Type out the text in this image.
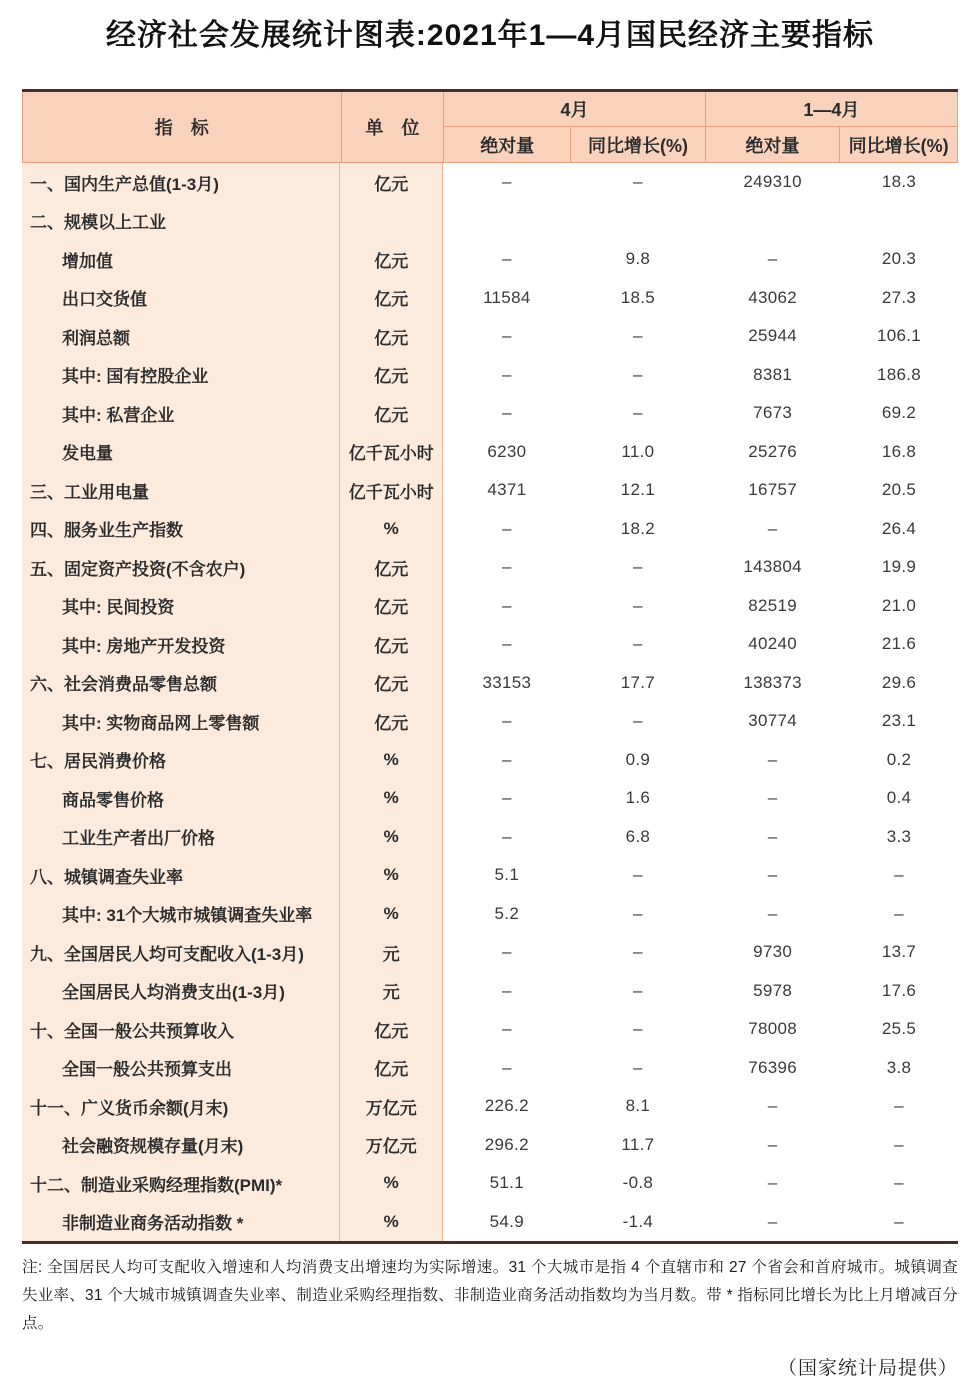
经济社会发展统计图表:2021年1—4月国民经济主要指标
指　标	单　位
4月	1—4月
绝对量	同比增长(%)	绝对量	同比增长(%)
一、国内生产总值(1-3月)	亿元	–	–	249310	18.3
二、规模以上工业
增加值	亿元	–	9.8	–	20.3
出口交货值	亿元	11584	18.5	43062	27.3
利润总额	亿元	–	–	25944	106.1
其中: 国有控股企业	亿元	–	–	8381	186.8
其中: 私营企业	亿元	–	–	7673	69.2
发电量	亿千瓦小时	6230	11.0	25276	16.8
三、工业用电量	亿千瓦小时	4371	12.1	16757	20.5
四、服务业生产指数	%	–	18.2	–	26.4
五、固定资产投资(不含农户)	亿元	–	–	143804	19.9
其中: 民间投资	亿元	–	–	82519	21.0
其中: 房地产开发投资	亿元	–	–	40240	21.6
六、社会消费品零售总额	亿元	33153	17.7	138373	29.6
其中: 实物商品网上零售额	亿元	–	–	30774	23.1
七、居民消费价格	%	–	0.9	–	0.2
商品零售价格	%	–	1.6	–	0.4
工业生产者出厂价格	%	–	6.8	–	3.3
八、城镇调查失业率	%	5.1	–	–	–
其中: 31个大城市城镇调查失业率	%	5.2	–	–	–
九、全国居民人均可支配收入(1-3月)	元	–	–	9730	13.7
全国居民人均消费支出(1-3月)	元	–	–	5978	17.6
十、全国一般公共预算收入	亿元	–	–	78008	25.5
全国一般公共预算支出	亿元	–	–	76396	3.8
十一、广义货币余额(月末)	万亿元	226.2	8.1	–	–
社会融资规模存量(月末)	万亿元	296.2	11.7	–	–
十二、制造业采购经理指数(PMI)*	%	51.1	-0.8	–	–
非制造业商务活动指数 *	%	54.9	-1.4	–	–

注: 全国居民人均可支配收入增速和人均消费支出增速均为实际增速。31 个大城市是指 4 个直辖市和 27 个省会和首府城市。城镇调查失业率、31 个大城市城镇调查失业率、制造业采购经理指数、非制造业商务活动指数均为当月数。带 * 指标同比增长为比上月增减百分点。

（国家统计局提供）
